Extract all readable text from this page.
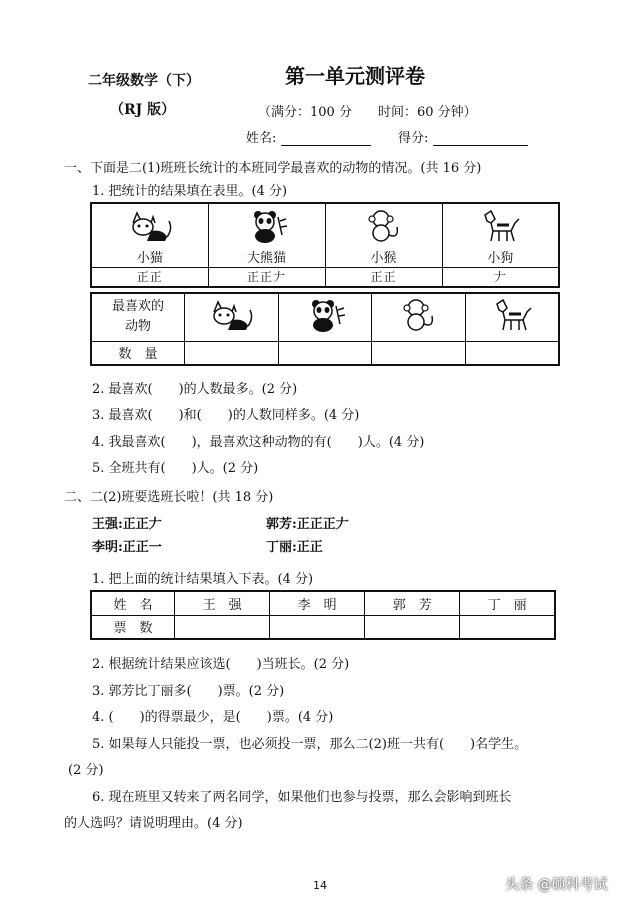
二年级数学（下）	第一单元测评卷
（RJ 版）	（满分：100 分　　时间：60 分钟）
姓名:	得分:
一、下面是二(1)班班长统计的本班同学最喜欢的动物的情况。(共 16 分)
1. 把统计的结果填在表里。(4 分)
小猫	大熊猫	小猴	小狗

正正	正正𠂇	正正	𠂇
最喜欢的动物				
数　量				
2. 最喜欢(　　)的人数最多。(2 分)
3. 最喜欢(　　)和(　　)的人数同样多。(4 分)
4. 我最喜欢(　　)，最喜欢这种动物的有(　　)人。(4 分)
5. 全班共有(　　)人。(2 分)
二、二(2)班要选班长啦！(共 18 分)
王强:正正𠂇	郭芳:正正正𠂇
李明:正正一	丁丽:正正
1. 把上面的统计结果填入下表。(4 分)
姓　名	王　强	李　明	郭　芳	丁　丽
票　数				
2. 根据统计结果应该选(　　)当班长。(2 分)
3. 郭芳比丁丽多(　　)票。(2 分)
4. (　　)的得票最少，是(　　)票。(4 分)
5. 如果每人只能投一票，也必须投一票，那么二(2)班一共有(　　)名学生。
(2 分)
6. 现在班里又转来了两名同学，如果他们也参与投票，那么会影响到班长
的人选吗？请说明理由。(4 分)
14	头条 @硕科考试
